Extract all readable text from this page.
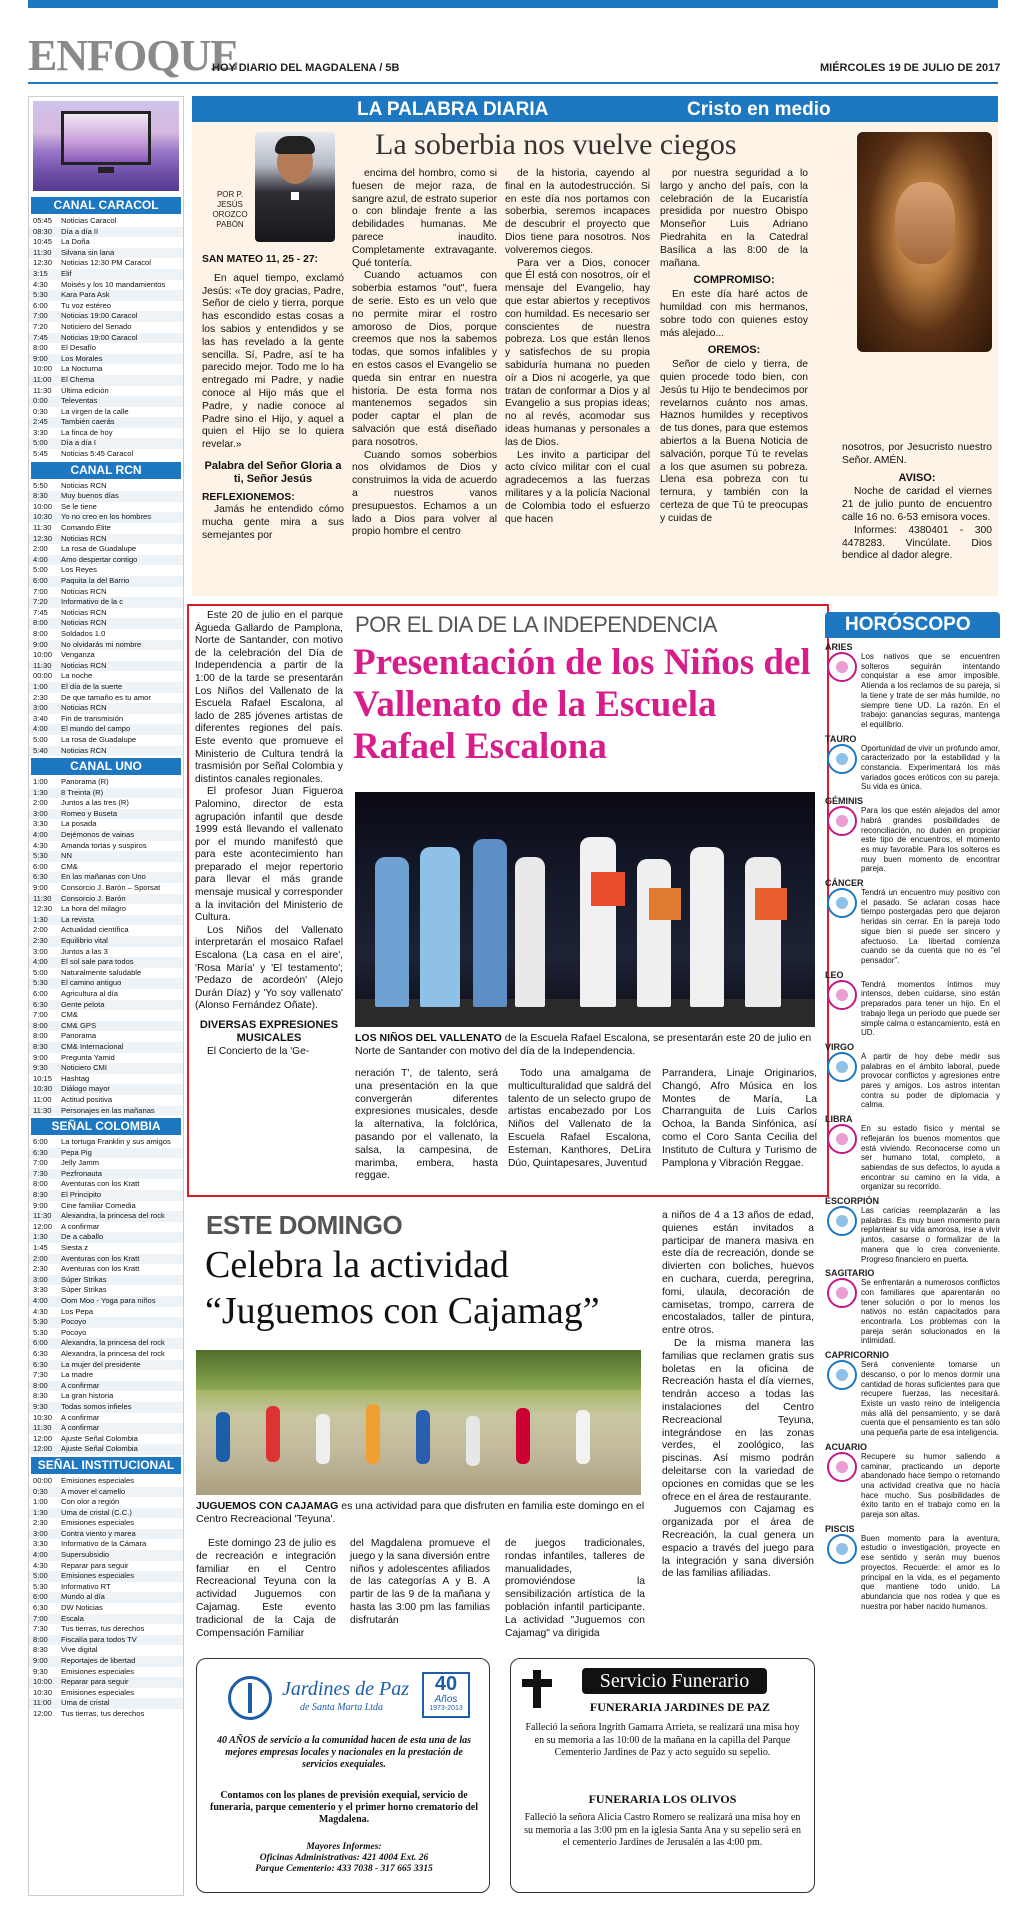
ENFOQUE
HOY DIARIO DEL MAGDALENA / 5B	MIÉRCOLES 19 DE JULIO DE 2017
CANAL CARACOL
05:45	Noticias Caracol
08:30	Día a día II
10:45	La Doña
11:30	Silvana sin lana
12:30	Noticias 12:30 PM Caracol
3:15	Elif
4:30	Moisés y los 10 mandamientos
5:30	Kara Para Ask
6:00	Tu voz estéreo
7:00	Noticias 19:00 Caracol
7:20	Noticiero del Senado
7:45	Noticias 19:00 Caracol
8:00	El Desafío
9:00	Los Morales
10:00	La Nocturna
11:00	El Chema
11:30	Última edición
0:00	Televentas
0:30	La virgen de la calle
2:45	También caerás
3:30	La finca de hoy
5:00	Día a día I
5:45	Noticias 5:45 Caracol
CANAL RCN
5:50	Noticias RCN
8:30	Muy buenos días
10:00	Se le tiene
10:30	Yo no creo en los hombres
11:30	Comando Élite
12:30	Noticias RCN
2:00	La rosa de Guadalupe
4:00	Amo despertar contigo
5:00	Los Reyes
6:00	Paquita la del Barrio
7:00	Noticias RCN
7:20	Informativo de la c
7:45	Noticias RCN
8:00	Noticias RCN
8:00	Soldados 1.0
9:00	No olvidarás mi nombre
10:00	Venganza
11:30	Noticias RCN
00:00	La noche
1:00	El día de la suerte
2:30	De que tamaño es tu amor
3:00	Noticias RCN
3:40	Fin de transmisión
4:00	El mundo del campo
5:00	La rosa de Guadalupe
5:40	Noticias RCN
CANAL UNO
1:00	Panorama (R)
1:30	8 Treinta (R)
2:00	Juntos a las tres (R)
3:00	Romeo y Buseta
3:30	La posada
4:00	Dejémonos de vainas
4:30	Amanda tortas y suspiros
5:30	NN
6:00	CM&
6:30	En las mañanas con Uno
9:00	Consorcio J. Barón – Sporsat
11:30	Consorcio J. Barón
12:30	La hora del milagro
1:30	La revista
2:00	Actualidad científica
2:30	Equilibrio vital
3:00	Juntos a las 3
4:00	El sol sale para todos
5:00	Naturalmente saludable
5:30	El camino antiguo
6:00	Agricultura al día
6:30	Gente pelota
7:00	CM&
8:00	CM& GPS
8:00	Panorama
8:30	CM& Internacional
9:00	Pregunta Yamid
9:30	Noticiero CMI
10:15	Hashtag
10:30	Diálogo mayor
11:00	Actitud positiva
11:30	Personajes en las mañanas
SEÑAL COLOMBIA
6:00	La tortuga Franklin y sus amigos
6:30	Pepa Pig
7:00	Jelly Jamm
7:30	Pezfronauta
8:00	Aventuras con los Kratt
8:30	El Principito
9:00	Cine familiar Comedia
11:30	Alexandra, la princesa del rock
12:00	A confirmar
1:30	De a caballo
1:45	Siesta z
2:00	Aventuras con los Kratt
2:30	Aventuras con los Kratt
3:00	Súper Strikas
3:30	Súper Strikas
4:00	Oom Moo - Yoga para niños
4:30	Los Pepa
5:30	Pocoyo
5:30	Pocoyo
6:00	Alexandra, la princesa del rock
6:30	Alexandra, la princesa del rock
6:30	La mujer del presidente
7:30	La madre
8:00	A confirmar
8:30	La gran historia
9:30	Todas somos infieles
10:30	A confirmar
11:30	A confirmar
12:00	Ajuste Señal Colombia
12:00	Ajuste Señal Colombia
SEÑAL INSTITUCIONAL
00:00	Emisiones especiales
0:30	A mover el camello
1:00	Con olor a región
1:30	Uma de cristal (C.C.)
2:30	Emisiones especiales
3:00	Contra viento y marea
3:30	Informativo de la Cámara
4:00	Supersubsidio
4:30	Reparar para seguir
5:00	Emisiones especiales
5:30	Informativo RT
6:00	Mundo al día
6:30	DW Noticias
7:00	Escala
7:30	Tus tierras, tus derechos
8:00	Fiscalía para todos TV
8:30	Vive digital
9:00	Reportajes de libertad
9:30	Emisiones especiales
10:00	Reparar para seguir
10:30	Emisiones especiales
11:00	Uma de cristal
12:00	Tus tierras, tus derechos
LA PALABRA DIARIA	Cristo en medio
La soberbia nos vuelve ciegos
POR P. JESÚS OROZCO PABÓN

SAN MATEO 11, 25 - 27:

En aquel tiempo, exclamó Jesús: «Te doy gracias, Padre, Señor de cielo y tierra, porque has escondido estas cosas a los sabios y entendidos y se las has revelado a la gente sencilla. Sí, Padre, así te ha parecido mejor. Todo me lo ha entregado mi Padre, y nadie conoce al Hijo más que el Padre, y nadie conoce al Padre sino el Hijo, y aquel a quien el Hijo se lo quiera revelar.»

Palabra del Señor Gloria a ti, Señor Jesús

REFLEXIONEMOS:

Jamás he entendido cómo mucha gente mira a sus semejantes por

encima del hombro, como si fuesen de mejor raza, de sangre azul, de estrato superior o con blindaje frente a las debilidades humanas. Me parece inaudito. Completamente extravagante. Qué tontería.

Cuando actuamos con soberbia estamos "out", fuera de serie. Esto es un velo que no permite mirar el rostro amoroso de Dios, porque creemos que nos la sabemos todas, que somos infalibles y en estos casos el Evangelio se queda sin entrar en nuestra historia. De esta forma nos mantenemos segados sin poder captar el plan de salvación que está diseñado para nosotros.

Cuando somos soberbios nos olvidamos de Dios y construimos la vida de acuerdo a nuestros vanos presupuestos. Echamos a un lado a Dios para volver al propio hombre el centro

de la historia, cayendo al final en la autodestrucción. Si en este día nos portamos con soberbia, seremos incapaces de descubrir el proyecto que Dios tiene para nosotros. Nos volveremos ciegos.

Para ver a Dios, conocer que Él está con nosotros, oír el mensaje del Evangelio, hay que estar abiertos y receptivos con humildad. Es necesario ser conscientes de nuestra pobreza. Los que están llenos y satisfechos de su propia sabiduría humana no pueden oír a Dios ni acogerle, ya que tratan de conformar a Dios y al Evangelio a sus propias ideas; no al revés, acomodar sus ideas humanas y personales a las de Dios.

Les invito a participar del acto cívico militar con el cual agradecemos a las fuerzas militares y a la policía Nacional de Colombia todo el esfuerzo que hacen

por nuestra seguridad a lo largo y ancho del país, con la celebración de la Eucaristía presidida por nuestro Obispo Monseñor Luis Adriano Piedrahita en la Catedral Basílica a las 8:00 de la mañana.

COMPROMISO:

En este día haré actos de humildad con mis hermanos, sobre todo con quienes estoy más alejado...

OREMOS:

Señor de cielo y tierra, de quien procede todo bien, con Jesús tu Hijo te bendecimos por revelarnos cuánto nos amas. Haznos humildes y receptivos de tus dones, para que estemos abiertos a la Buena Noticia de salvación, porque Tú te revelas a los que asumen su pobreza. Llena esa pobreza con tu ternura, y también con la certeza de que Tú te preocupas y cuidas de

nosotros, por Jesucristo nuestro Señor. AMÉN.

AVISO:

Noche de caridad el viernes 21 de julio punto de encuentro calle 16 no. 6-53 emisora voces.

Informes: 4380401 - 300 4478283. Vincúlate. Dios bendice al dador alegre.

Este 20 de julio en el parque Águeda Gallardo de Pamplona, Norte de Santander, con motivo de la celebración del Día de Independencia a partir de la 1:00 de la tarde se presentarán Los Niños del Vallenato de la Escuela Rafael Escalona, al lado de 285 jóvenes artistas de diferentes regiones del país. Este evento que promueve el Ministerio de Cultura tendrá la trasmisión por Señal Colombia y distintos canales regionales.

El profesor Juan Figueroa Palomino, director de esta agrupación infantil que desde 1999 está llevando el vallenato por el mundo manifestó que para este acontecimiento han preparado el mejor repertorio para llevar el más grande mensaje musical y corresponder a la invitación del Ministerio de Cultura.

Los Niños del Vallenato interpretarán el mosaico Rafael Escalona (La casa en el aire', 'Rosa María' y 'El testamento'; 'Pedazo de acordeón' (Alejo Durán Díaz) y 'Yo soy vallenato' (Alonso Fernández Oñate).

DIVERSAS EXPRESIONES MUSICALES

El Concierto de la 'Ge-

POR EL DIA DE LA INDEPENDENCIA
Presentación de los Niños del Vallenato de la Escuela Rafael Escalona
LOS NIÑOS DEL VALLENATO de la Escuela Rafael Escalona, se presentarán este 20 de julio en Norte de Santander con motivo del día de la Independencia.

neración T', de talento, será una presentación en la que convergerán diferentes expresiones musicales, desde la alternativa, la folclórica, pasando por el vallenato, la salsa, la campesina, de marimba, embera, hasta reggae.

Todo una amalgama de multiculturalidad que saldrá del talento de un selecto grupo de artistas encabezado por Los Niños del Vallenato de la Escuela Rafael Escalona, Esteman, Kanthores, DeLira Dúo, Quintapesares, Juventud

Parrandera, Linaje Originarios, Changó, Afro Música en los Montes de María, La Charranguita de Luis Carlos Ochoa, la Banda Sinfónica, así como el Coro Santa Cecilia del Instituto de Cultura y Turismo de Pamplona y Vibración Reggae.

HORÓSCOPO
ARIES
Los nativos que se encuentren solteros seguirán intentando conquistar a ese amor imposible. Atienda a los reclamos de su pareja, si la tiene y trate de ser más humilde, no siempre tiene UD. La razón. En el trabajo: ganancias seguras, mantenga el equilibrio.
TAURO
Oportunidad de vivir un profundo amor, caracterizado por la estabilidad y la constancia. Experimentará los más variados goces eróticos con su pareja. Su vida es única.
GÉMINIS
Para los que estén alejados del amor habrá grandes posibilidades de reconciliación, no duden en propiciar este tipo de encuentros, el momento es muy favorable. Para los solteros es muy buen momento de encontrar pareja.
CÁNCER
Tendrá un encuentro muy positivo con el pasado. Se aclaran cosas hace tiempo postergadas pero que dejaron heridas sin cerrar. En la pareja todo sigue bien si puede ser sincero y afectuoso. La libertad comienza cuando se da cuenta que no es "el pensador".
LEO
Tendrá momentos íntimos muy intensos, deben cuidarse, sino están preparados para tener un hijo. En el trabajo llega un período que puede ser simple calma o estancamiento, está en UD.
VIRGO
A partir de hoy debe medir sus palabras en el ámbito laboral, puede provocar conflictos y agresiones entre pares y amigos. Los astros intentan contra su poder de diplomacia y calma.
LIBRA
En su estado físico y mental se reflejarán los buenos momentos que está viviendo. Reconocerse como un ser humano total, completo, a sabiendas de sus defectos, lo ayuda a encontrar su camino en la vida, a organizar su recorrido.
ESCORPIÓN
Las caricias reemplazarán a las palabras. Es muy buen momento para replantear su vida amorosa, irse a vivir juntos, casarse o formalizar de la manera que lo crea conveniente. Progreso financiero en puerta.
SAGITARIO
Se enfrentarán a numerosos conflictos con familiares que aparentarán no tener solución o por lo menos los nativos no están capacitados para encontrarla. Los problemas con la pareja serán solucionados en la intimidad.
CAPRICORNIO
Será conveniente tomarse un descanso, o por lo menos dormir una cantidad de horas suficientes para que recupere fuerzas, las necesitará. Existe un vasto reino de inteligencia más allá del pensamiento, y se dará cuenta que el pensamiento es tan sólo una pequeña parte de esa inteligencia.
ACUARIO
Recupere su humor saliendo a caminar, practicando un deporte abandonado hace tiempo o retomando una actividad creativa que no hacía hace mucho. Sus posibilidades de éxito tanto en el trabajo como en la pareja son altas.
PISCIS
Buen momento para la aventura, estudio o investigación, proyecte en ese sentido y serán muy buenos proyectos. Recuerde: el amor es lo principal en la vida, es el pegamento que mantiene todo unido. La abundancia que nos rodea y que es nuestra por haber nacido humanos.
ESTE DOMINGO
Celebra la actividad “Juguemos con Cajamag”
JUGUEMOS CON CAJAMAG es una actividad para que disfruten en familia este domingo en el Centro Recreacional 'Teyuna'.

Este domingo 23 de julio es de recreación e integración familiar en el Centro Recreacional Teyuna con la actividad Juguemos con Cajamag. Este evento tradicional de la Caja de Compensación Familiar

del Magdalena promueve el juego y la sana diversión entre niños y adolescentes afiliados de las categorías A y B. A partir de las 9 de la mañana y hasta las 3:00 pm las familias disfrutarán

de juegos tradicionales, rondas infantiles, talleres de manualidades, promoviéndose la sensibilización artística de la población infantil participante. La actividad "Juguemos con Cajamag" va dirigida

a niños de 4 a 13 años de edad, quienes están invitados a participar de manera masiva en este día de recreación, donde se divierten con boliches, huevos en cuchara, cuerda, peregrina, fomi, ulaula, decoración de camisetas, trompo, carrera de encostalados, taller de pintura, entre otros.

De la misma manera las familias que reclamen gratis sus boletas en la oficina de Recreación hasta el día viernes, tendrán acceso a todas las instalaciones del Centro Recreacional Teyuna, integrándose en las zonas verdes, el zoológico, las piscinas. Así mismo podrán deleitarse con la variedad de opciones en comidas que se les ofrece en el área de restaurante.

Juguemos con Cajamag es organizada por el área de Recreación, la cual genera un espacio a través del juego para la integración y sana diversión de las familias afiliadas.

Jardines de Paz
de Santa Marta Ltda
40
Años
1973-2013
40 AÑOS de servicio a la comunidad hacen de esta una de las mejores empresas locales y nacionales en la prestación de servicios exequiales.
Contamos con los planes de previsión exequial, servicio de funeraria, parque cementerio y el primer horno crematorio del Magdalena.
Mayores Informes:
Oficinas Administrativas: 421 4004 Ext. 26
Parque Cementerio: 433 7038 - 317 665 3315
Servicio Funerario
FUNERARIA JARDINES DE PAZ
Falleció la señora Ingrith Gamarra Arrieta, se realizará una misa hoy en su memoria a las 10:00 de la mañana en la capilla del Parque Cementerio Jardines de Paz y acto seguido su sepelio.
FUNERARIA LOS OLIVOS
Falleció la señora Alicia Castro Romero se realizará una misa hoy en su memoria a las 3:00 pm en la iglesia Santa Ana y su sepelio será en el cementerio Jardines de Jerusalén a las 4:00 pm.
